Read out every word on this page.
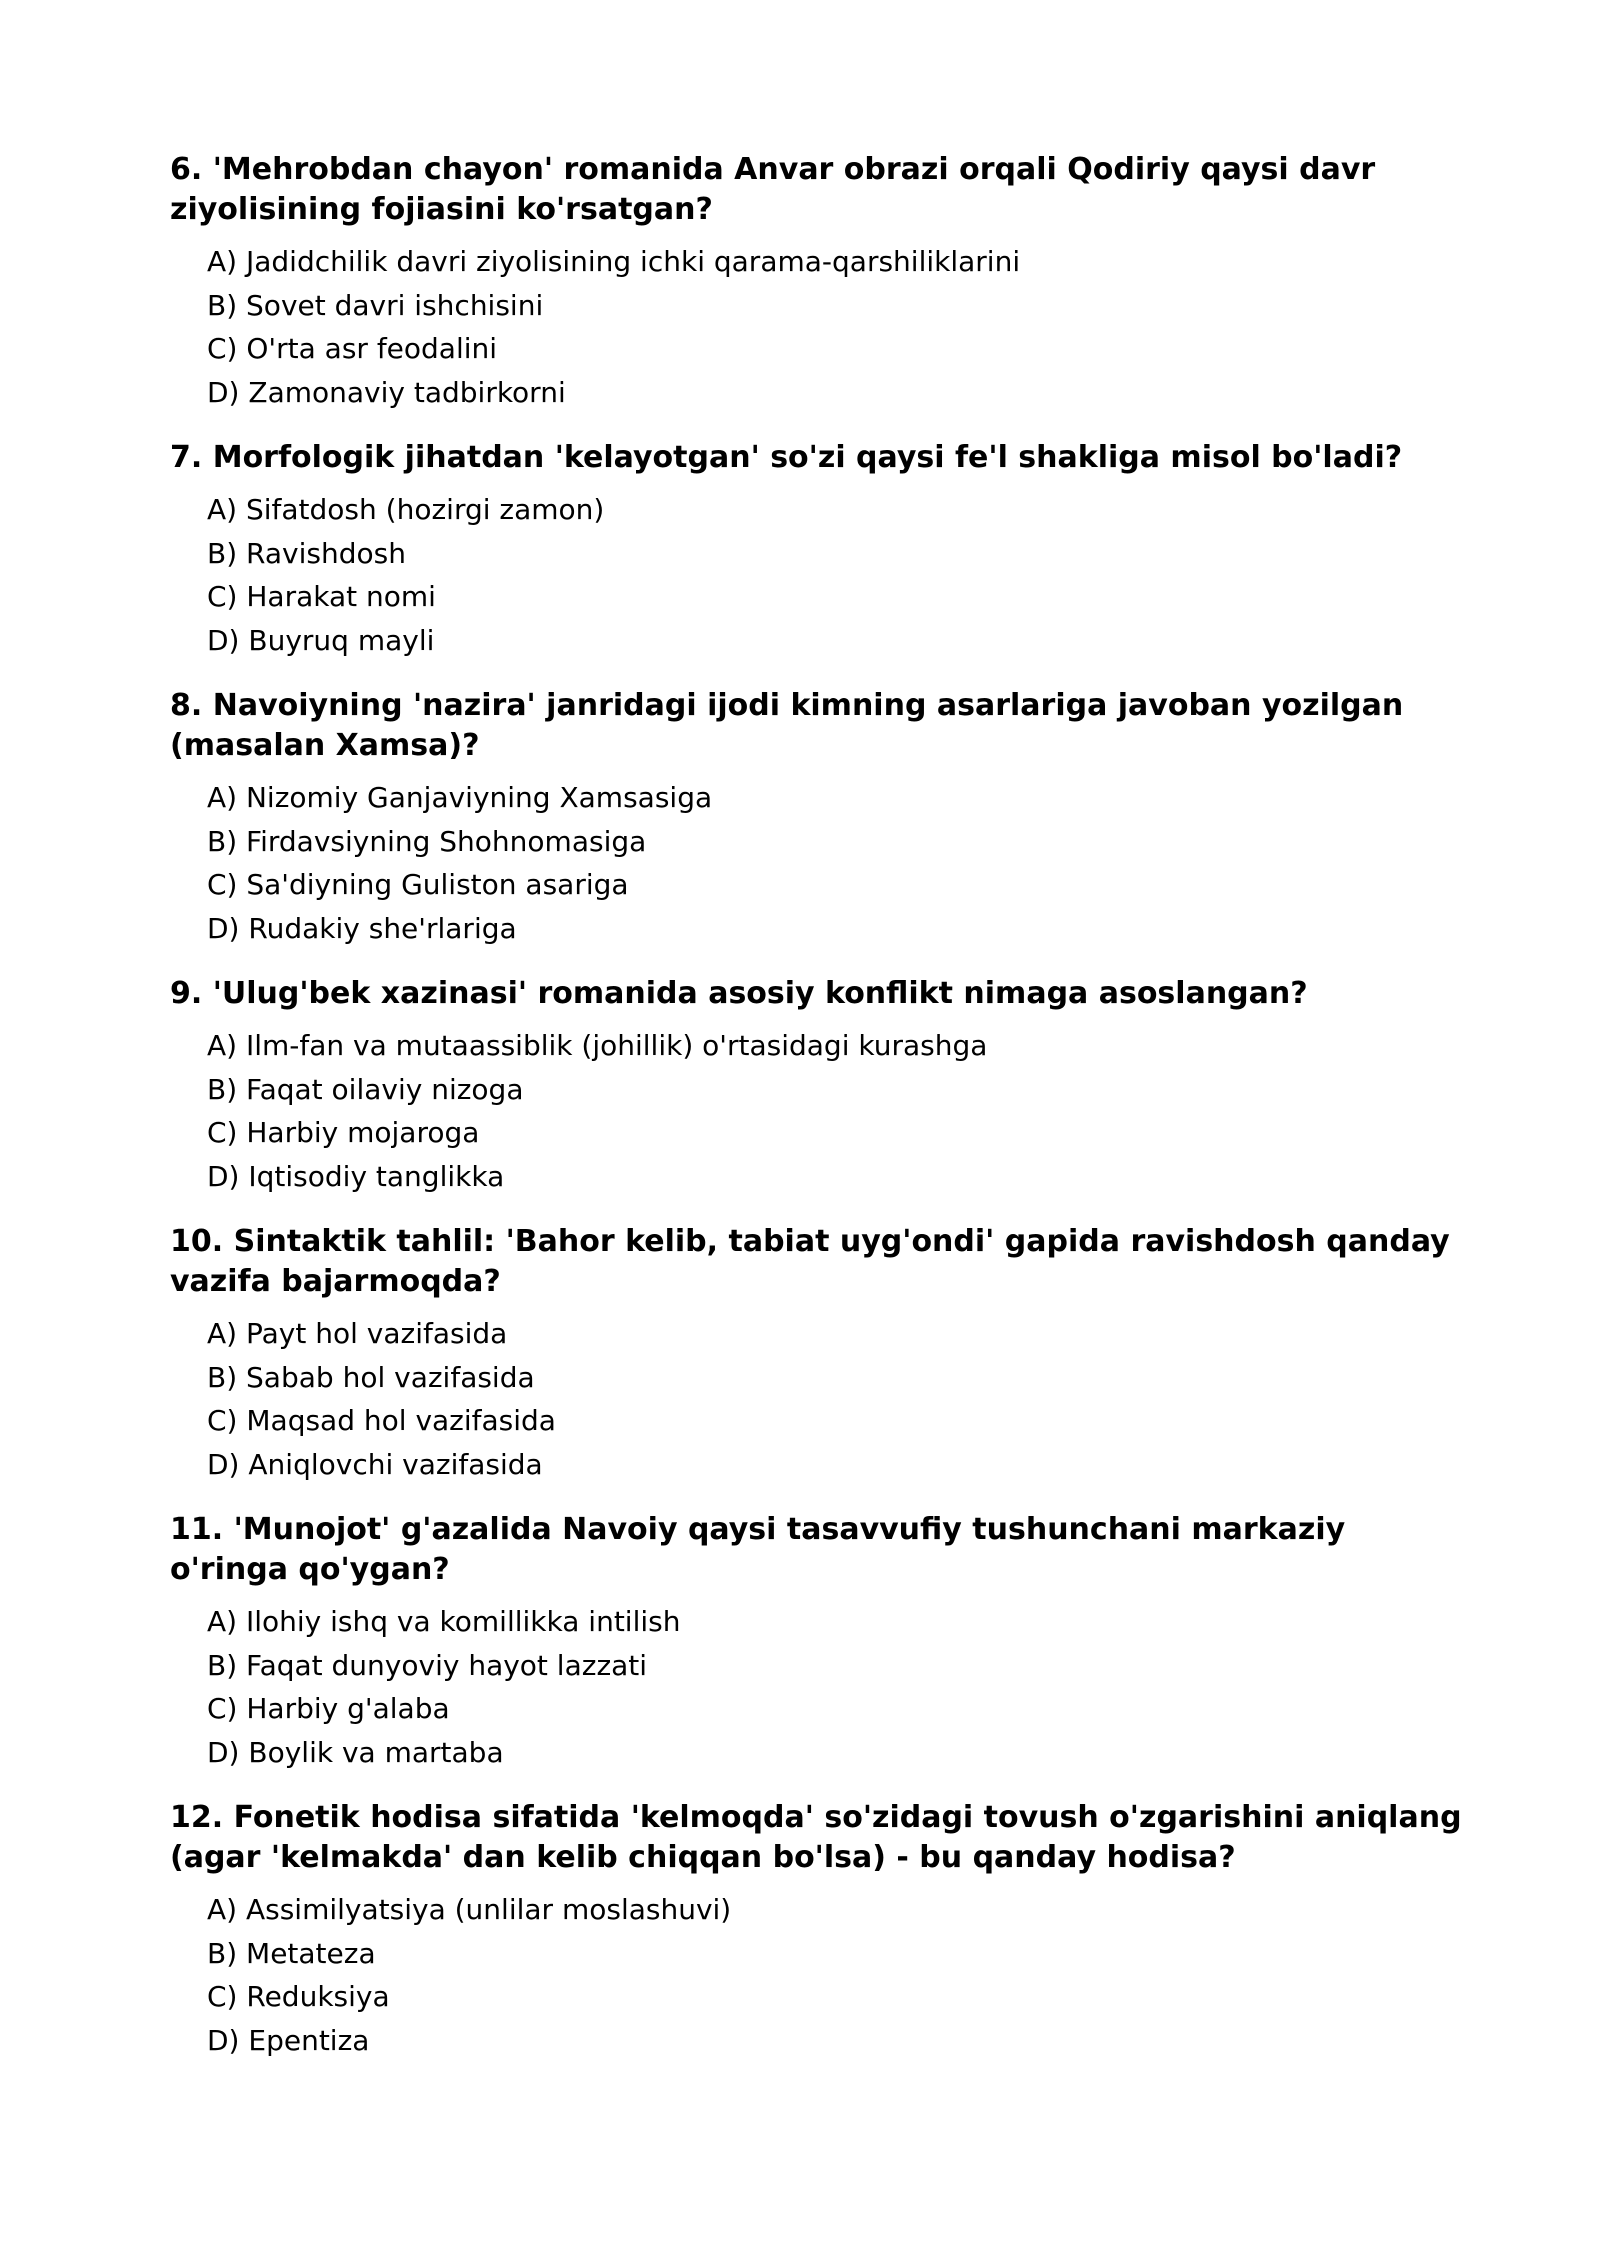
6. 'Mehrobdan chayon' romanida Anvar obrazi orqali Qodiriy qaysi davr ziyolisining fojiasini ko'rsatgan?
A) Jadidchilik davri ziyolisining ichki qarama-qarshiliklarini
B) Sovet davri ishchisini
C) O'rta asr feodalini
D) Zamonaviy tadbirkorni
7. Morfologik jihatdan 'kelayotgan' so'zi qaysi fe'l shakliga misol bo'ladi?
A) Sifatdosh (hozirgi zamon)
B) Ravishdosh
C) Harakat nomi
D) Buyruq mayli
8. Navoiyning 'nazira' janridagi ijodi kimning asarlariga javoban yozilgan (masalan Xamsa)?
A) Nizomiy Ganjaviyning Xamsasiga
B) Firdavsiyning Shohnomasiga
C) Sa'diyning Guliston asariga
D) Rudakiy she'rlariga
9. 'Ulug'bek xazinasi' romanida asosiy konflikt nimaga asoslangan?
A) Ilm-fan va mutaassiblik (johillik) o'rtasidagi kurashga
B) Faqat oilaviy nizoga
C) Harbiy mojaroga
D) Iqtisodiy tanglikka
10. Sintaktik tahlil: 'Bahor kelib, tabiat uyg'ondi' gapida ravishdosh qanday vazifa bajarmoqda?
A) Payt hol vazifasida
B) Sabab hol vazifasida
C) Maqsad hol vazifasida
D) Aniqlovchi vazifasida
11. 'Munojot' g'azalida Navoiy qaysi tasavvufiy tushunchani markaziy o'ringa qo'ygan?
A) Ilohiy ishq va komillikka intilish
B) Faqat dunyoviy hayot lazzati
C) Harbiy g'alaba
D) Boylik va martaba
12. Fonetik hodisa sifatida 'kelmoqda' so'zidagi tovush o'zgarishini aniqlang (agar 'kelmakda' dan kelib chiqqan bo'lsa) - bu qanday hodisa?
A) Assimilyatsiya (unlilar moslashuvi)
B) Metateza
C) Reduksiya
D) Epentiza
